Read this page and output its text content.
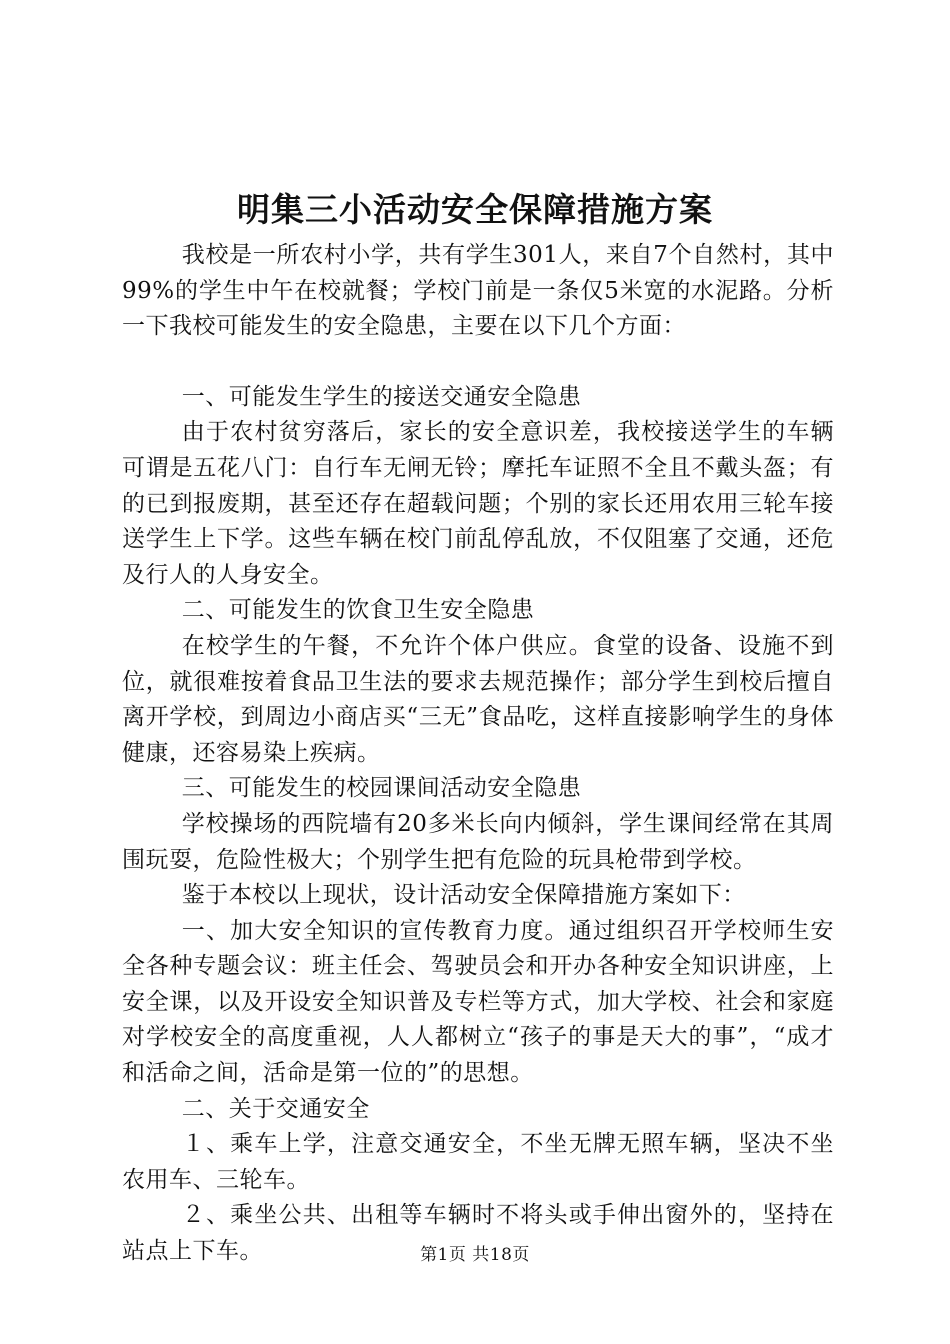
明集三小活动安全保障措施方案

我校是一所农村小学，共有学生301人，来自7个自然村，其中99%的学生中午在校就餐；学校门前是一条仅5米宽的水泥路。分析一下我校可能发生的安全隐患，主要在以下几个方面：

一、可能发生学生的接送交通安全隐患

由于农村贫穷落后，家长的安全意识差，我校接送学生的车辆可谓是五花八门：自行车无闸无铃；摩托车证照不全且不戴头盔；有的已到报废期，甚至还存在超载问题；个别的家长还用农用三轮车接送学生上下学。这些车辆在校门前乱停乱放，不仅阻塞了交通，还危及行人的人身安全。

二、可能发生的饮食卫生安全隐患

在校学生的午餐，不允许个体户供应。食堂的设备、设施不到位，就很难按着食品卫生法的要求去规范操作；部分学生到校后擅自离开学校，到周边小商店买“三无”食品吃，这样直接影响学生的身体健康，还容易染上疾病。

三、可能发生的校园课间活动安全隐患

学校操场的西院墙有20多米长向内倾斜，学生课间经常在其周围玩耍，危险性极大；个别学生把有危险的玩具枪带到学校。

鉴于本校以上现状，设计活动安全保障措施方案如下：

一、加大安全知识的宣传教育力度。通过组织召开学校师生安全各种专题会议：班主任会、驾驶员会和开办各种安全知识讲座，上安全课，以及开设安全知识普及专栏等方式，加大学校、社会和家庭对学校安全的高度重视，人人都树立“孩子的事是天大的事”，“成才和活命之间，活命是第一位的”的思想。

二、关于交通安全

１、乘车上学，注意交通安全，不坐无牌无照车辆，坚决不坐农用车、三轮车。

２、乘坐公共、出租等车辆时不将头或手伸出窗外的，坚持在站点上下车。	第1页 共18页
